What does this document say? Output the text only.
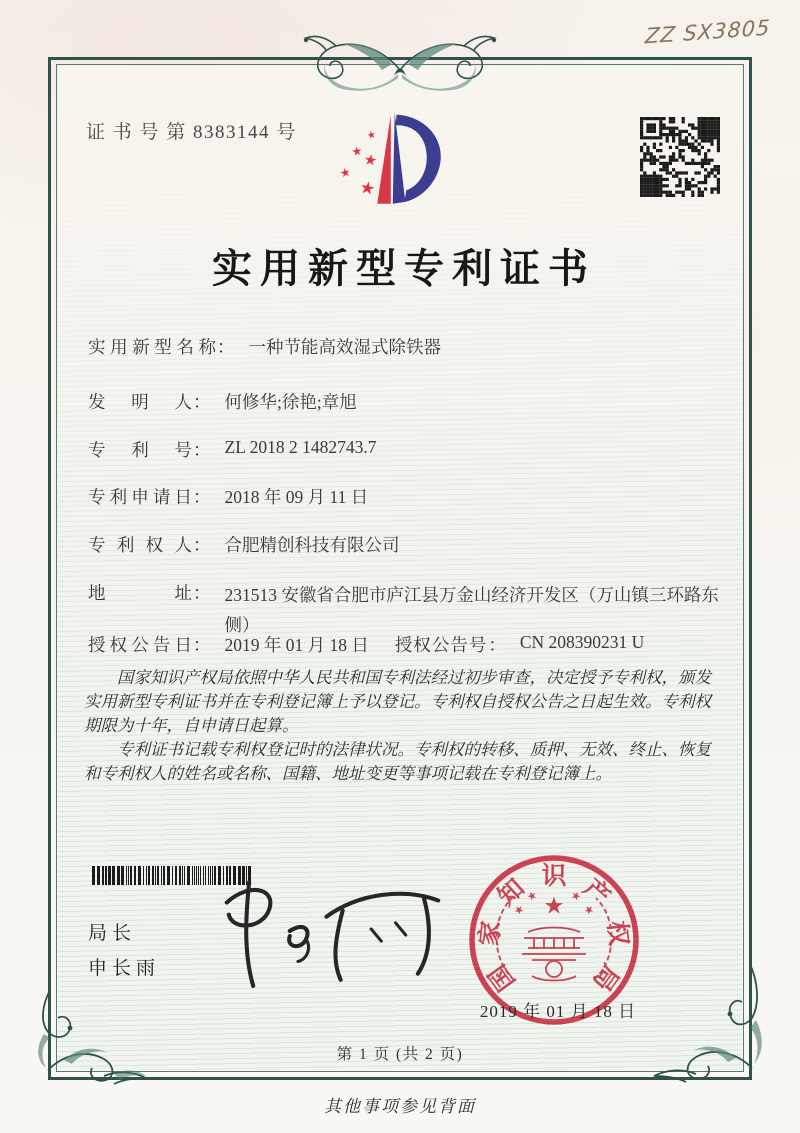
ZZ SX3805
证 书 号 第 8383144 号
实用新型专利证书
实用新型名称： 一种节能高效湿式除铁器
发明人： 何修华;徐艳;章旭
专利号： ZL 2018 2 1482743.7
专利申请日： 2018 年 09 月 11 日
专利权人： 合肥精创科技有限公司
地址： 231513 安徽省合肥市庐江县万金山经济开发区（万山镇三环路东侧）
授权公告日： 2019 年 01 月 18 日 授权公告号： CN 208390231 U

国家知识产权局依照中华人民共和国专利法经过初步审查，决定授予专利权，颁发实用新型专利证书并在专利登记簿上予以登记。专利权自授权公告之日起生效。专利权期限为十年，自申请日起算。

专利证书记载专利权登记时的法律状况。专利权的转移、质押、无效、终止、恢复和专利权人的姓名或名称、国籍、地址变更等事项记载在专利登记簿上。

局长
申长雨	国
家
知 识 产
权
局
2019 年 01 月 18 日
第 1 页 (共 2 页)
其他事项参见背面
